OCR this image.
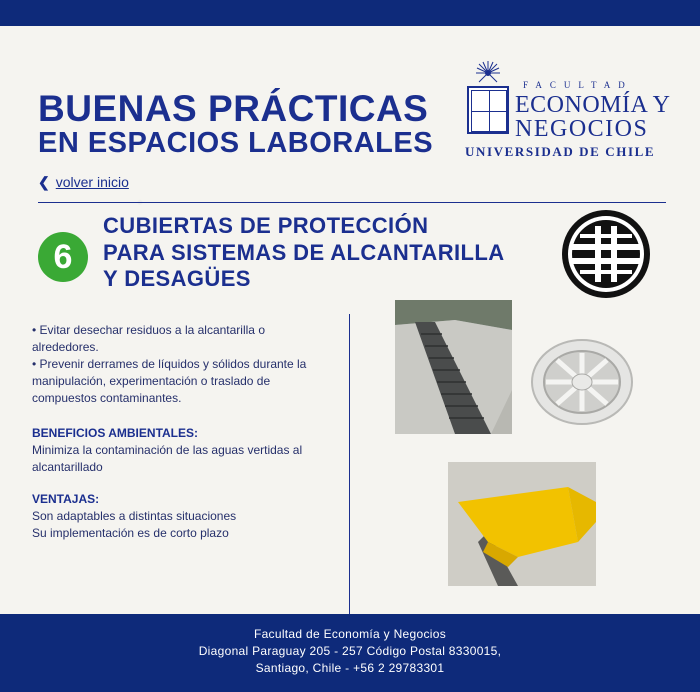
BUENAS PRÁCTICAS
EN ESPACIOS LABORALES
FACULTAD
ECONOMÍA Y
NEGOCIOS
UNIVERSIDAD DE CHILE
❮ volver inicio
6
CUBIERTAS DE PROTECCIÓN
PARA SISTEMAS DE ALCANTARILLA
Y DESAGÜES
• Evitar desechar residuos a la alcantarilla o alrededores.
• Prevenir derrames de líquidos y sólidos durante la manipulación, experimentación o traslado de compuestos contaminantes.
BENEFICIOS AMBIENTALES:
Minimiza la contaminación de las aguas vertidas al alcantarillado
VENTAJAS:
Son adaptables a distintas situaciones
Su implementación es de corto plazo
Facultad de Economía y Negocios
Diagonal Paraguay 205 - 257 Código Postal 8330015,
Santiago, Chile - +56 2 29783301
